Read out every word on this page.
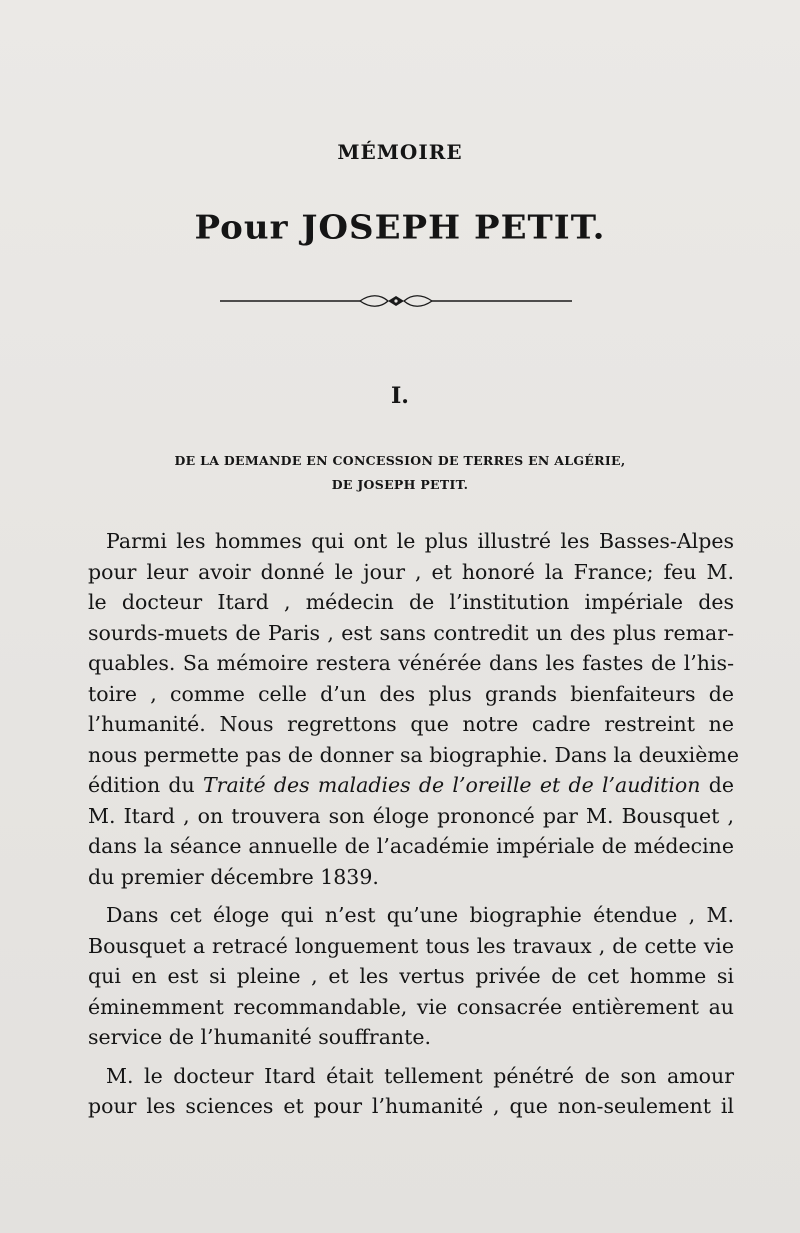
MÉMOIRE
Pour JOSEPH PETIT.
I.
DE LA DEMANDE EN CONCESSION DE TERRES EN ALGÉRIE,
DE JOSEPH PETIT.

Parmi les hommes qui ont le plus illustré les Basses-Alpes
pour leur avoir donné le jour , et honoré la France; feu M.
le docteur Itard , médecin de l’institution impériale des
sourds-muets de Paris , est sans contredit un des plus remar-
quables. Sa mémoire restera vénérée dans les fastes de l’his-
toire , comme celle d’un des plus grands bienfaiteurs de
l’humanité. Nous regrettons que notre cadre restreint ne
nous permette pas de donner sa biographie. Dans la deuxième
édition du Traité des maladies de l’oreille et de l’audition de
M. Itard , on trouvera son éloge prononcé par M. Bousquet ,
dans la séance annuelle de l’académie impériale de médecine
du premier décembre 1839.

Dans cet éloge qui n’est qu’une biographie étendue , M.
Bousquet a retracé longuement tous les travaux , de cette vie
qui en est si pleine , et les vertus privée de cet homme si
éminemment recommandable, vie consacrée entièrement au
service de l’humanité souffrante.

M. le docteur Itard était tellement pénétré de son amour
pour les sciences et pour l’humanité , que non-seulement il
